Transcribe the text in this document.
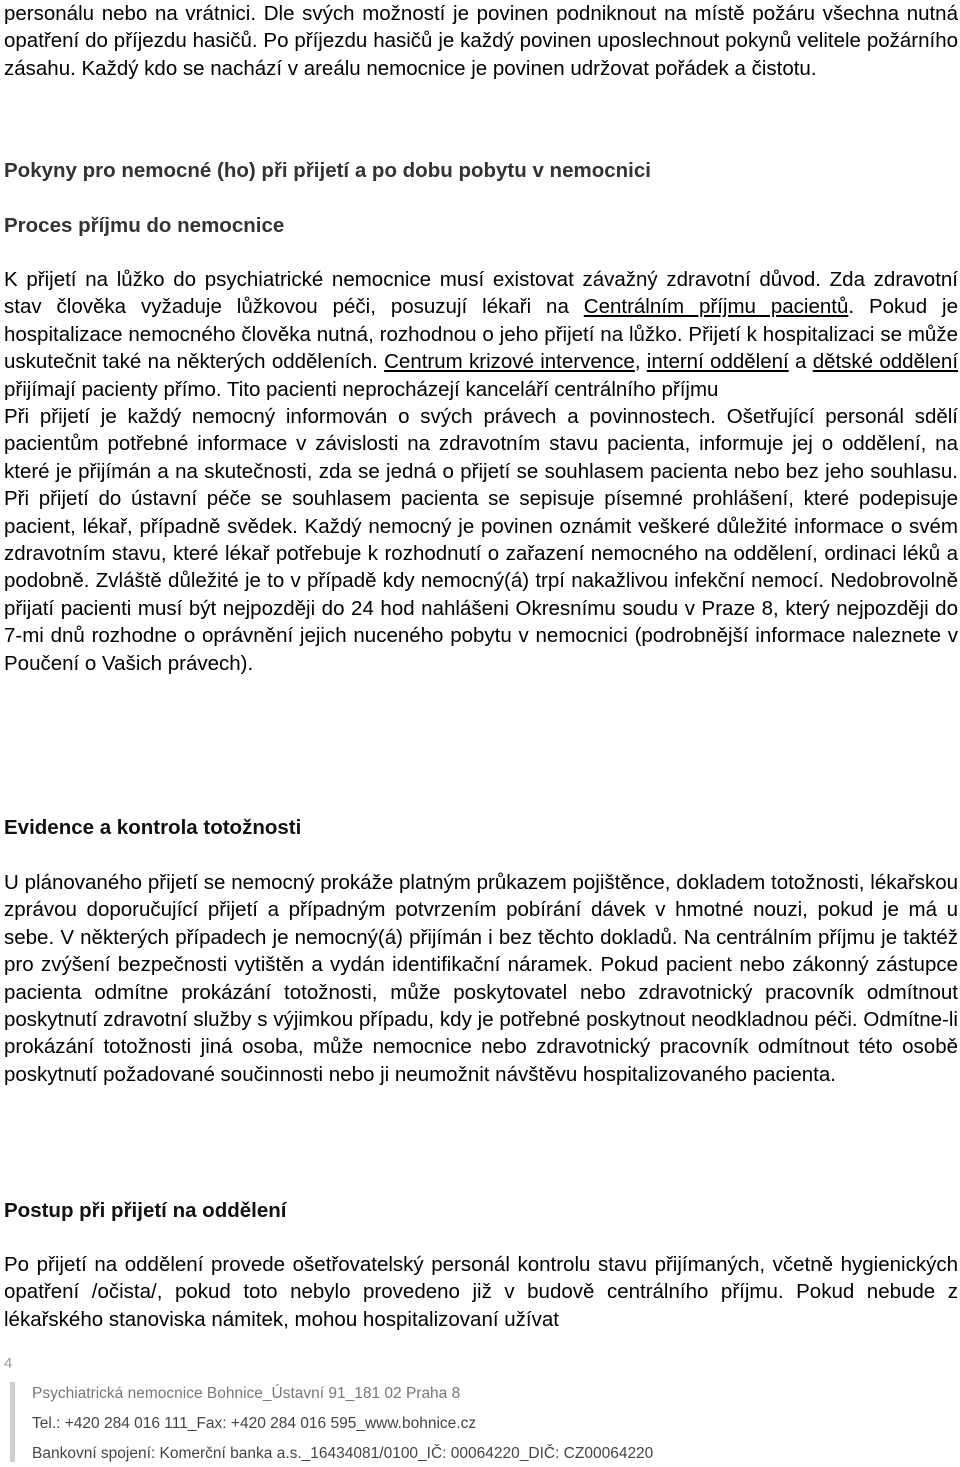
personálu nebo na vrátnici. Dle svých možností je povinen podniknout na místě požáru všechna nutná opatření do příjezdu hasičů. Po příjezdu hasičů je každý povinen uposlechnout pokynů velitele požárního zásahu. Každý kdo se nachází v areálu nemocnice je povinen udržovat pořádek a čistotu.

Pokyny pro nemocné (ho) při přijetí a po dobu pobytu v nemocnici
Proces příjmu do nemocnice

K přijetí na lůžko do psychiatrické nemocnice musí existovat závažný zdravotní důvod. Zda zdravotní stav člověka vyžaduje lůžkovou péči, posuzují lékaři na Centrálním příjmu pacientů. Pokud je hospitalizace nemocného člověka nutná, rozhodnou o jeho přijetí na lůžko. Přijetí k hospitalizaci se může uskutečnit také na některých odděleních. Centrum krizové intervence, interní oddělení a dětské oddělení přijímají pacienty přímo. Tito pacienti neprocházejí kanceláří centrálního příjmu

Při přijetí je každý nemocný informován o svých právech a povinnostech. Ošetřující personál sdělí pacientům potřebné informace v závislosti na zdravotním stavu pacienta, informuje jej o oddělení, na které je přijímán a na skutečnosti, zda se jedná o přijetí se souhlasem pacienta nebo bez jeho souhlasu. Při přijetí do ústavní péče se souhlasem pacienta se sepisuje písemné prohlášení, které podepisuje pacient, lékař, případně svědek. Každý nemocný je povinen oznámit veškeré důležité informace o svém zdravotním stavu, které lékař potřebuje k rozhodnutí o zařazení nemocného na oddělení, ordinaci léků a podobně. Zvláště důležité je to v případě kdy nemocný(á) trpí nakažlivou infekční nemocí. Nedobrovolně přijatí pacienti musí být nejpozději do 24 hod nahlášeni Okresnímu soudu v Praze 8, který nejpozději do 7-mi dnů rozhodne o oprávnění jejich nuceného pobytu v nemocnici (podrobnější informace naleznete v Poučení o Vašich právech).

Evidence a kontrola totožnosti

U plánovaného přijetí se nemocný prokáže platným průkazem pojištěnce, dokladem totožnosti, lékařskou zprávou doporučující přijetí a případným potvrzením pobírání dávek v hmotné nouzi, pokud je má u sebe. V některých případech je nemocný(á) přijímán i bez těchto dokladů. Na centrálním příjmu je taktéž pro zvýšení bezpečnosti vytištěn a vydán identifikační náramek. Pokud pacient nebo zákonný zástupce pacienta odmítne prokázání totožnosti, může poskytovatel nebo zdravotnický pracovník odmítnout poskytnutí zdravotní služby s výjimkou případu, kdy je potřebné poskytnout neodkladnou péči. Odmítne-li prokázání totožnosti jiná osoba, může nemocnice nebo zdravotnický pracovník odmítnout této osobě poskytnutí požadované součinnosti nebo ji neumožnit návštěvu hospitalizovaného pacienta.

Postup při přijetí na oddělení

Po přijetí na oddělení provede ošetřovatelský personál kontrolu stavu přijímaných, včetně hygienických opatření /očista/, pokud toto nebylo provedeno již v budově centrálního příjmu. Pokud nebude z lékařského stanoviska námitek, mohou hospitalizovaní užívat

4
Psychiatrická nemocnice Bohnice_Ústavní 91_181 02 Praha 8
Tel.: +420 284 016 111_Fax: +420 284 016 595_www.bohnice.cz
Bankovní spojení: Komerční banka a.s._16434081/0100_IČ: 00064220_DIČ: CZ00064220
